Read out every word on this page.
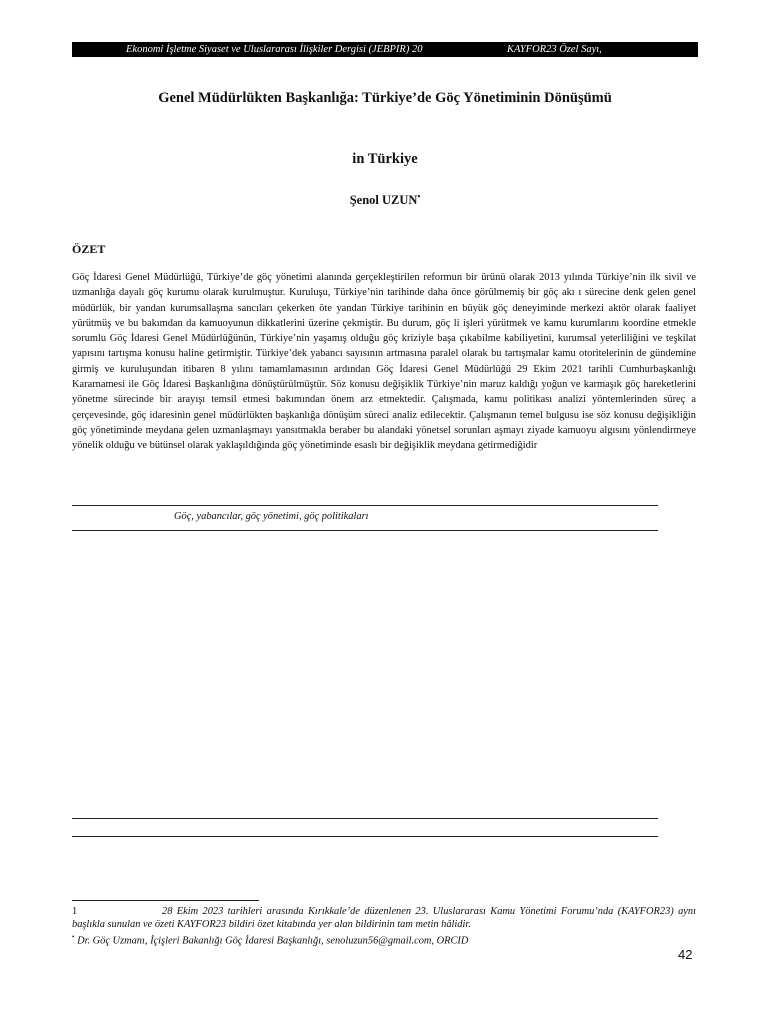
Ekonomi İşletme Siyaset ve Uluslararası İlişkiler Dergisi (JEBPIR) 20	KAYFOR23 Özel Sayı,
Genel Müdürlükten Başkanlığa: Türkiye’de Göç Yönetiminin Dönüşümü
in Türkiye
Şenol UZUN•
ÖZET

Göç İdaresi Genel Müdürlüğü, Türkiye’de göç yönetimi alanında gerçekleştirilen reformun bir ürünü olarak 2013 yılında Türkiye’nin ilk sivil ve uzmanlığa dayalı göç kurumu olarak kurulmuştur. Kuruluşu, Türkiye’nin tarihinde daha önce görülmemiş bir göç akı ı sürecine denk gelen genel müdürlük, bir yandan kurumsallaşma sancıları çekerken öte yandan Türkiye tarihinin en büyük göç deneyiminde merkezi aktör olarak faaliyet yürütmüş ve bu bakımdan da kamuoyunun dikkatlerini üzerine çekmiştir. Bu durum, göç li işleri yürütmek ve kamu kurumlarını koordine etmekle sorumlu Göç İdaresi Genel Müdürlüğünün, Türkiye’nin yaşamış olduğu göç kriziyle başa çıkabilme kabiliyetini, kurumsal yeterliliğini ve teşkilat yapısını tartışma konusu haline getirmiştir. Türkiye’dek yabancı sayısının artmasına paralel olarak bu tartışmalar kamu otoritelerinin de gündemine girmiş ve kuruluşundan itibaren 8 yılını tamamlamasının ardından Göç İdaresi Genel Müdürlüğü 29 Ekim 2021 tarihli Cumhurbaşkanlığı Kararnamesi ile Göç İdaresi Başkanlığına dönüştürülmüştür. Söz konusu değişiklik Türkiye’nin maruz kaldığı yoğun ve karmaşık göç hareketlerini yönetme sürecinde bir arayışı temsil etmesi bakımından önem arz etmektedir. Çalışmada, kamu politikası analizi yöntemlerinden süreç a çerçevesinde, göç idaresinin genel müdürlükten başkanlığa dönüşüm süreci analiz edilecektir. Çalışmanın temel bulgusu ise söz konusu değişikliğin göç yönetiminde meydana gelen uzmanlaşmayı yansıtmakla beraber bu alandaki yönetsel sorunları aşmayı ziyade kamuoyu algısını yönlendirmeye yönelik olduğu ve bütünsel olarak yaklaşıldığında göç yönetiminde esaslı bir değişiklik meydana getirmediğidir

Göç, yabancılar, göç yönetimi, göç politikaları

1	28 Ekim 2023 tarihleri arasında Kırıkkale’de düzenlenen 23. Uluslararası Kamu Yönetimi Forumu’nda (KAYFOR23) aynı başlıkla sunulan ve özeti KAYFOR23 bildiri özet kitabında yer alan bildirinin tam metin hâlidir.

• Dr. Göç Uzmanı, İçişleri Bakanlığı Göç İdaresi Başkanlığı, senoluzun56@gmail.com, ORCID

42
